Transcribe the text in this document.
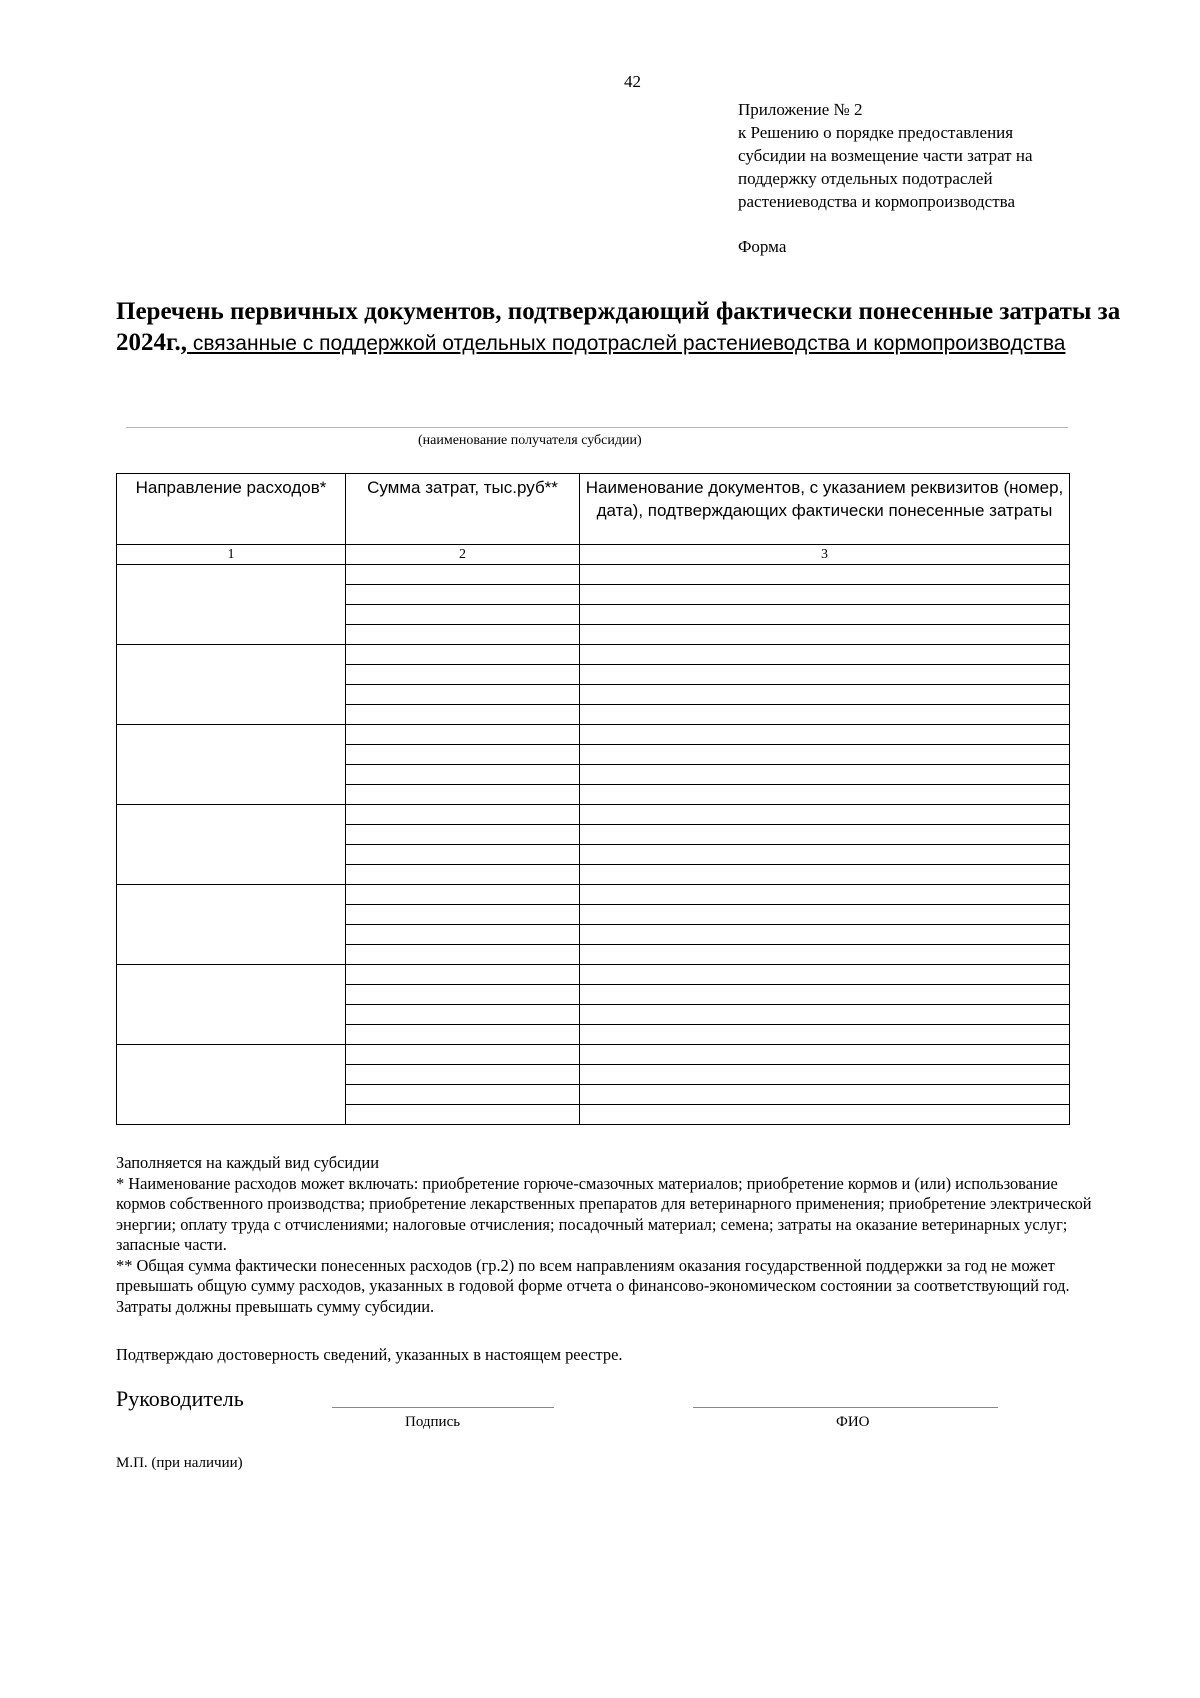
42
Приложение № 2
к Решению о порядке предоставления
субсидии на возмещение части затрат на
поддержку отдельных подотраслей
растениеводства и кормопроизводства
Форма
Перечень первичных документов, подтверждающий фактически понесенные затраты за 2024г., связанные с поддержкой отдельных подотраслей растениеводства и кормопроизводства
(наименование получателя субсидии)
Направление расходов*	Сумма затрат, тыс.руб**	Наименование документов, с указанием реквизитов (номер, дата), подтверждающих фактически понесенные затраты
1	2	3

Заполняется на каждый вид субсидии

* Наименование расходов может включать: приобретение горюче-смазочных материалов; приобретение кормов и (или) использование кормов собственного производства; приобретение лекарственных препаратов для ветеринарного применения; приобретение электрической энергии; оплату труда с отчислениями; налоговые отчисления; посадочный материал; семена; затраты на оказание ветеринарных услуг; запасные части.

** Общая сумма фактически понесенных расходов (гр.2) по всем направлениям оказания государственной поддержки за год не может превышать общую сумму расходов, указанных в годовой форме отчета о финансово-экономическом состоянии за соответствующий год. Затраты должны превышать сумму субсидии.

Подтверждаю достоверность сведений, указанных в настоящем реестре.
Руководитель
Подпись	ФИО
М.П. (при наличии)
